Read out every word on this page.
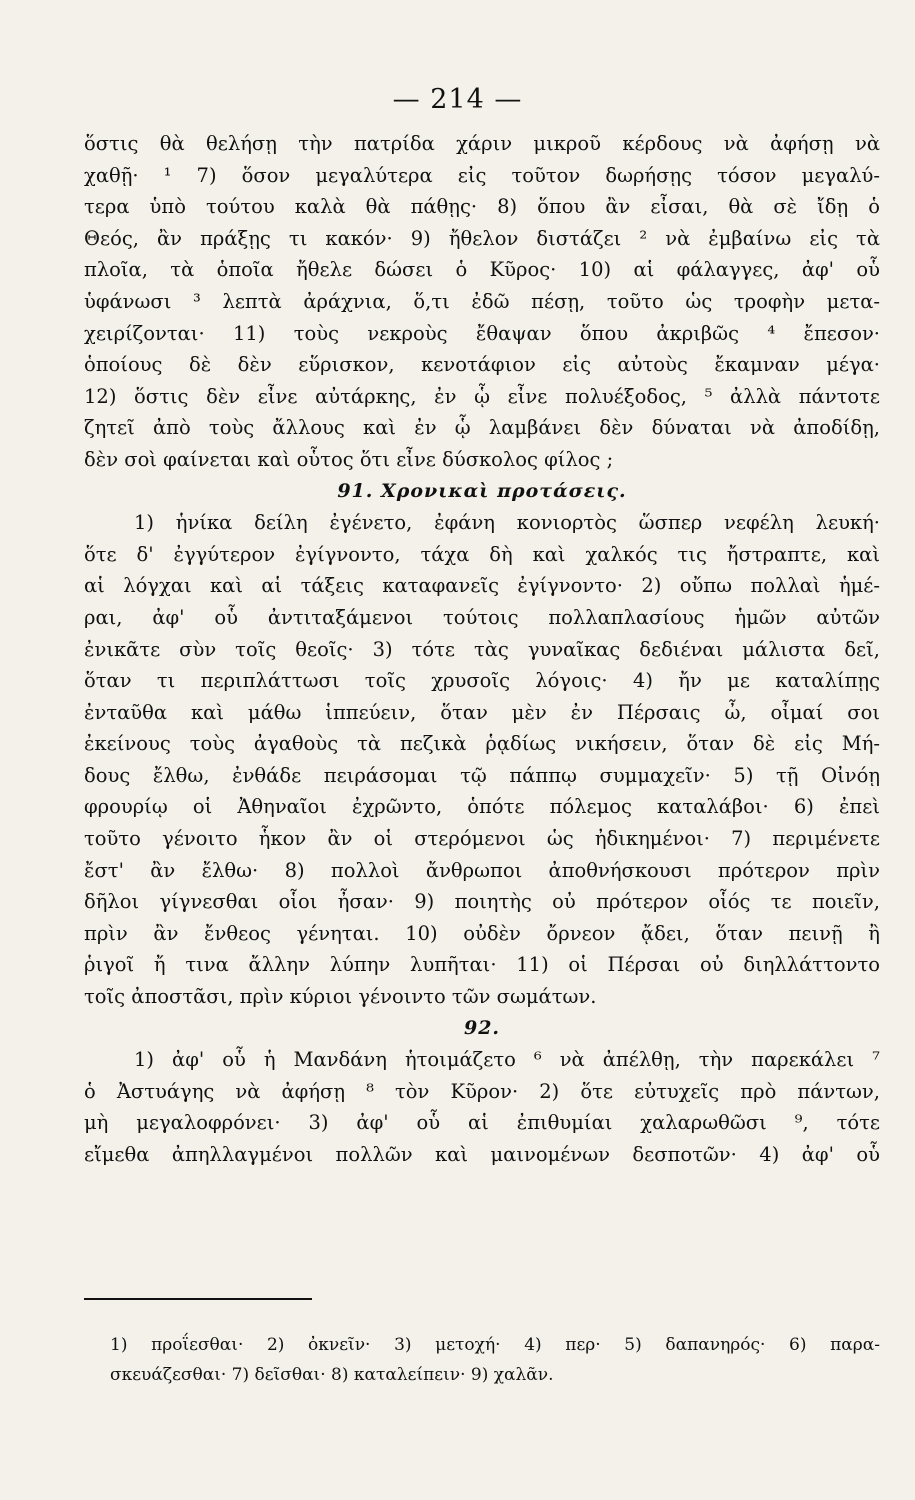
— 214 —
ὅστις θὰ θελήσῃ τὴν πατρίδα χάριν μικροῦ κέρδους νὰ ἀφήσῃ νὰ
χαθῇ· ¹ 7) ὅσον μεγαλύτερα εἰς τοῦτον δωρήσῃς τόσον μεγαλύ-
τερα ὑπὸ τούτου καλὰ θὰ πάθῃς· 8) ὅπου ἂν εἶσαι, θὰ σὲ ἴδῃ ὁ
Θεός, ἂν πράξῃς τι κακόν· 9) ἤθελον διστάζει ² νὰ ἐμβαίνω εἰς τὰ
πλοῖα, τὰ ὁποῖα ἤθελε δώσει ὁ Κῦρος· 10) αἱ φάλαγγες, ἀφ' οὗ
ὑφάνωσι ³ λεπτὰ ἀράχνια, ὅ,τι ἐδῶ πέσῃ, τοῦτο ὡς τροφὴν μετα-
χειρίζονται· 11) τοὺς νεκροὺς ἔθαψαν ὅπου ἀκριβῶς ⁴ ἔπεσον·
ὁποίους δὲ δὲν εὕρισκον, κενοτάφιον εἰς αὐτοὺς ἔκαμναν μέγα·
12) ὅστις δὲν εἶνε αὐτάρκης, ἐν ᾧ εἶνε πολυέξοδος, ⁵ ἀλλὰ πάντοτε
ζητεῖ ἀπὸ τοὺς ἄλλους καὶ ἐν ᾧ λαμβάνει δὲν δύναται νὰ ἀποδίδῃ,
δὲν σοὶ φαίνεται καὶ οὗτος ὅτι εἶνε δύσκολος φίλος ;
91. Χρονικαὶ προτάσεις.
1) ἡνίκα δείλη ἐγένετο, ἐφάνη κονιορτὸς ὥσπερ νεφέλη λευκή·
ὅτε δ' ἐγγύτερον ἐγίγνοντο, τάχα δὴ καὶ χαλκός τις ἤστραπτε, καὶ
αἱ λόγχαι καὶ αἱ τάξεις καταφανεῖς ἐγίγνοντο· 2) οὔπω πολλαὶ ἡμέ-
ραι, ἀφ' οὗ ἀντιταξάμενοι τούτοις πολλαπλασίους ἡμῶν αὐτῶν
ἐνικᾶτε σὺν τοῖς θεοῖς· 3) τότε τὰς γυναῖκας δεδιέναι μάλιστα δεῖ,
ὅταν τι περιπλάττωσι τοῖς χρυσοῖς λόγοις· 4) ἤν με καταλίπῃς
ἐνταῦθα καὶ μάθω ἱππεύειν, ὅταν μὲν ἐν Πέρσαις ὦ, οἶμαί σοι
ἐκείνους τοὺς ἀγαθοὺς τὰ πεζικὰ ῥᾳδίως νικήσειν, ὅταν δὲ εἰς Μή-
δους ἔλθω, ἐνθάδε πειράσομαι τῷ πάππῳ συμμαχεῖν· 5) τῇ Οἰνόῃ
φρουρίῳ οἱ Ἀθηναῖοι ἐχρῶντο, ὁπότε πόλεμος καταλάβοι· 6) ἐπεὶ
τοῦτο γένοιτο ἧκον ἂν οἱ στερόμενοι ὡς ἠδικημένοι· 7) περιμένετε
ἔστ' ἂν ἔλθω· 8) πολλοὶ ἄνθρωποι ἀποθνήσκουσι πρότερον πρὶν
δῆλοι γίγνεσθαι οἷοι ἦσαν· 9) ποιητὴς οὐ πρότερον οἷός τε ποιεῖν,
πρὶν ἂν ἔνθεος γένηται. 10) οὐδὲν ὄρνεον ᾄδει, ὅταν πεινῇ ἢ
ῥιγοῖ ἤ τινα ἄλλην λύπην λυπῆται· 11) οἱ Πέρσαι οὐ διηλλάττοντο
τοῖς ἀποστᾶσι, πρὶν κύριοι γένοιντο τῶν σωμάτων.
92.
1) ἀφ' οὗ ἡ Μανδάνη ἡτοιμάζετο ⁶ νὰ ἀπέλθῃ, τὴν παρεκάλει ⁷
ὁ Ἀστυάγης νὰ ἀφήσῃ ⁸ τὸν Κῦρον· 2) ὅτε εὐτυχεῖς πρὸ πάντων,
μὴ μεγαλοφρόνει· 3) ἀφ' οὗ αἱ ἐπιθυμίαι χαλαρωθῶσι ⁹, τότε
εἴμεθα ἀπηλλαγμένοι πολλῶν καὶ μαινομένων δεσποτῶν· 4) ἀφ' οὗ
1) προΐεσθαι· 2) ὀκνεῖν· 3) μετοχή· 4) περ· 5) δαπανηρός· 6) παρα-
σκευάζεσθαι· 7) δεῖσθαι· 8) καταλείπειν· 9) χαλᾶν.
